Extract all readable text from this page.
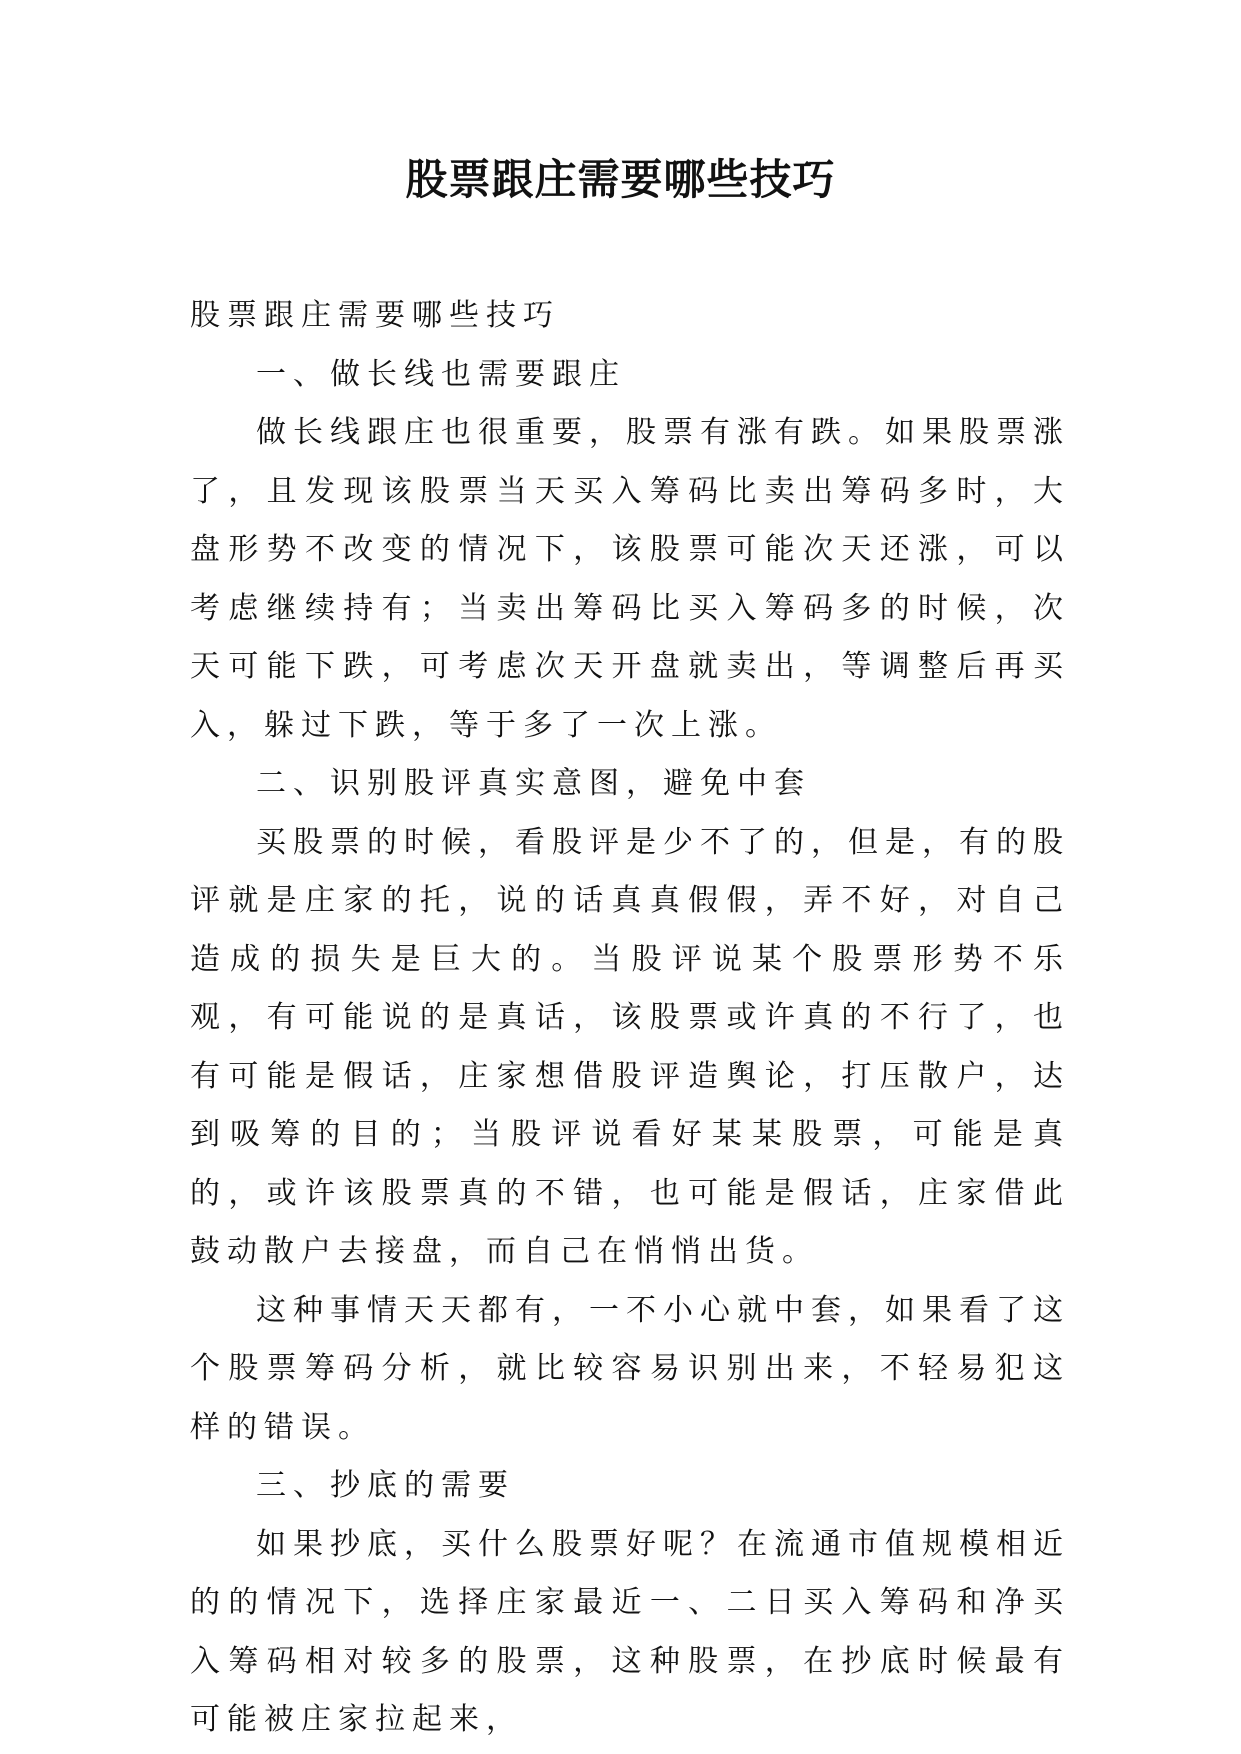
股票跟庄需要哪些技巧

股票跟庄需要哪些技巧

一、做长线也需要跟庄

做长线跟庄也很重要，股票有涨有跌。如果股票涨了，且发现该股票当天买入筹码比卖出筹码多时，大盘形势不改变的情况下，该股票可能次天还涨，可以考虑继续持有；当卖出筹码比买入筹码多的时候，次天可能下跌，可考虑次天开盘就卖出，等调整后再买入，躲过下跌，等于多了一次上涨。

二、识别股评真实意图，避免中套

买股票的时候，看股评是少不了的，但是，有的股评就是庄家的托，说的话真真假假，弄不好，对自己造成的损失是巨大的。当股评说某个股票形势不乐观，有可能说的是真话，该股票或许真的不行了，也有可能是假话，庄家想借股评造舆论，打压散户，达到吸筹的目的；当股评说看好某某股票，可能是真的，或许该股票真的不错，也可能是假话，庄家借此鼓动散户去接盘，而自己在悄悄出货。

这种事情天天都有，一不小心就中套，如果看了这个股票筹码分析，就比较容易识别出来，不轻易犯这样的错误。

三、抄底的需要

如果抄底，买什么股票好呢？在流通市值规模相近的的情况下，选择庄家最近一、二日买入筹码和净买入筹码相对较多的股票，这种股票，在抄底时候最有可能被庄家拉起来，
